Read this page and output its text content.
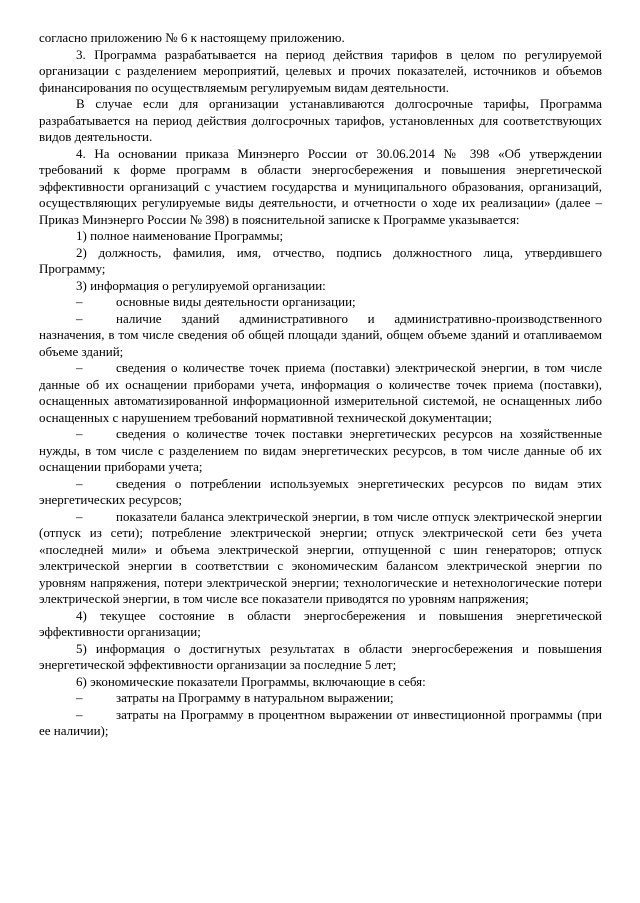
согласно приложению № 6 к настоящему приложению.

3. Программа разрабатывается на период действия тарифов в целом по регулируемой организации с разделением мероприятий, целевых и прочих показателей, источников и объемов финансирования по осуществляемым регулируемым видам деятельности.

В случае если для организации устанавливаются долгосрочные тарифы, Программа разрабатывается на период действия долгосрочных тарифов, установленных для соответствующих видов деятельности.

4. На основании приказа Минэнерго России от 30.06.2014 № 398 «Об утверждении требований к форме программ в области энергосбережения и повышения энергетической эффективности организаций с участием государства и муниципального образования, организаций, осуществляющих регулируемые виды деятельности, и отчетности о ходе их реализации» (далее – Приказ Минэнерго России № 398) в пояснительной записке к Программе указывается:

1) полное наименование Программы;

2) должность, фамилия, имя, отчество, подпись должностного лица, утвердившего Программу;

3) информация о регулируемой организации:

–	основные виды деятельности организации;

–	наличие зданий административного и административно-производственного назначения, в том числе сведения об общей площади зданий, общем объеме зданий и отапливаемом объеме зданий;

–	сведения о количестве точек приема (поставки) электрической энергии, в том числе данные об их оснащении приборами учета, информация о количестве точек приема (поставки), оснащенных автоматизированной информационной измерительной системой, не оснащенных либо оснащенных с нарушением требований нормативной технической документации;

–	сведения о количестве точек поставки энергетических ресурсов на хозяйственные нужды, в том числе с разделением по видам энергетических ресурсов, в том числе данные об их оснащении приборами учета;

–	сведения о потреблении используемых энергетических ресурсов по видам этих энергетических ресурсов;

–	показатели баланса электрической энергии, в том числе отпуск электрической энергии (отпуск из сети); потребление электрической энергии; отпуск электрической сети без учета «последней мили» и объема электрической энергии, отпущенной с шин генераторов; отпуск электрической энергии в соответствии с экономическим балансом электрической энергии по уровням напряжения, потери электрической энергии; технологические и нетехнологические потери электрической энергии, в том числе все показатели приводятся по уровням напряжения;

4) текущее состояние в области энергосбережения и повышения энергетической эффективности организации;

5) информация о достигнутых результатах в области энергосбережения и повышения энергетической эффективности организации за последние 5 лет;

6) экономические показатели Программы, включающие в себя:

–	затраты на Программу в натуральном выражении;

–	затраты на Программу в процентном выражении от инвестиционной программы (при ее наличии);
